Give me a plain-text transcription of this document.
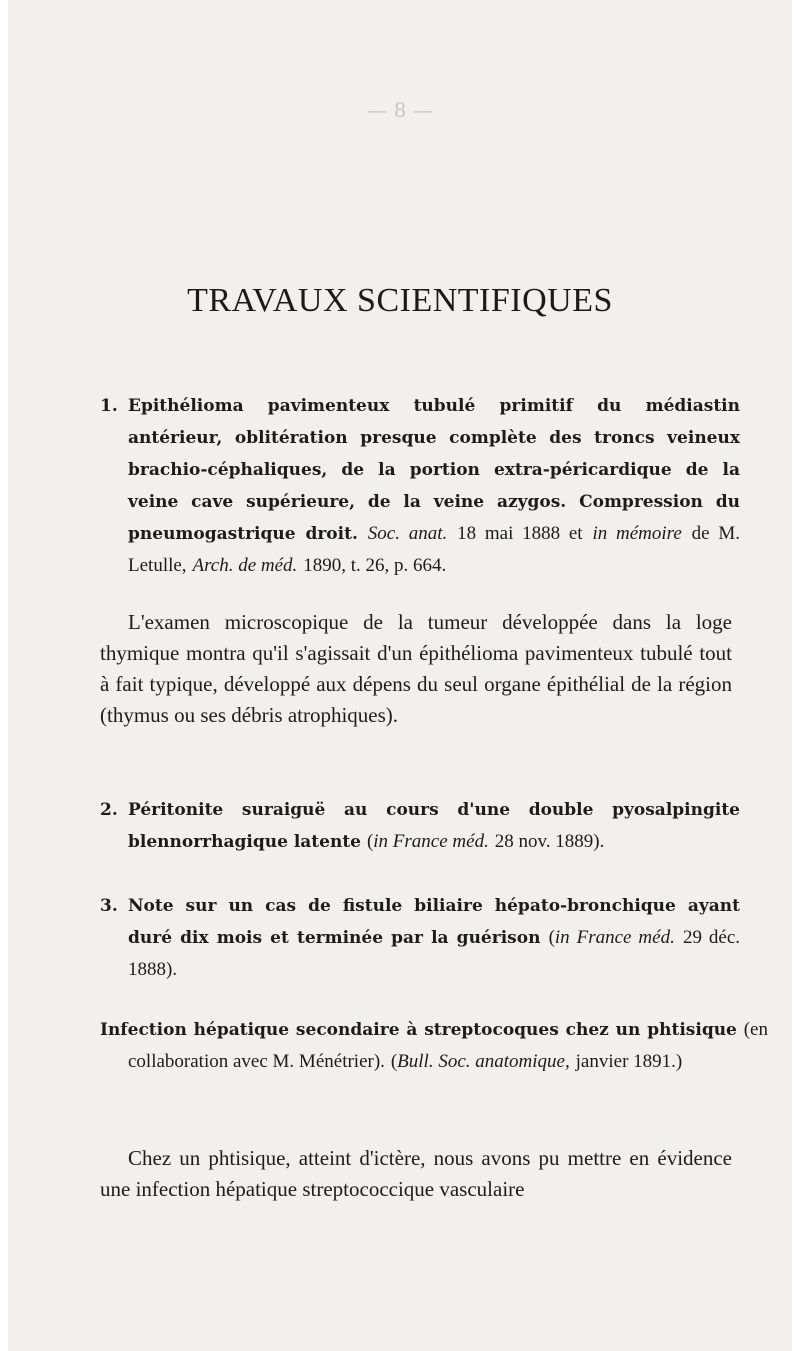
— 8 —
TRAVAUX SCIENTIFIQUES
1. Epithélioma pavimenteux tubulé primitif du médiastin antérieur, oblitération presque complète des troncs veineux brachio-céphaliques, de la portion extra-péricardique de la veine cave supérieure, de la veine azygos. Compression du pneumogastrique droit. Soc. anat. 18 mai 1888 et in mémoire de M. Letulle, Arch. de méd. 1890, t. 26, p. 664.
L'examen microscopique de la tumeur développée dans la loge thymique montra qu'il s'agissait d'un épithélioma pavimenteux tubulé tout à fait typique, développé aux dépens du seul organe épithélial de la région (thymus ou ses débris atrophiques).
2. Péritonite suraiguë au cours d'une double pyosalpingite blennorrhagique latente (in France méd. 28 nov. 1889).
3. Note sur un cas de fistule biliaire hépato-bronchique ayant duré dix mois et terminée par la guérison (in France méd. 29 déc. 1888).
Infection hépatique secondaire à streptocoques chez un phtisique (en collaboration avec M. Ménétrier). (Bull. Soc. anatomique, janvier 1891.)
Chez un phtisique, atteint d'ictère, nous avons pu mettre en évidence une infection hépatique streptococcique vasculaire
